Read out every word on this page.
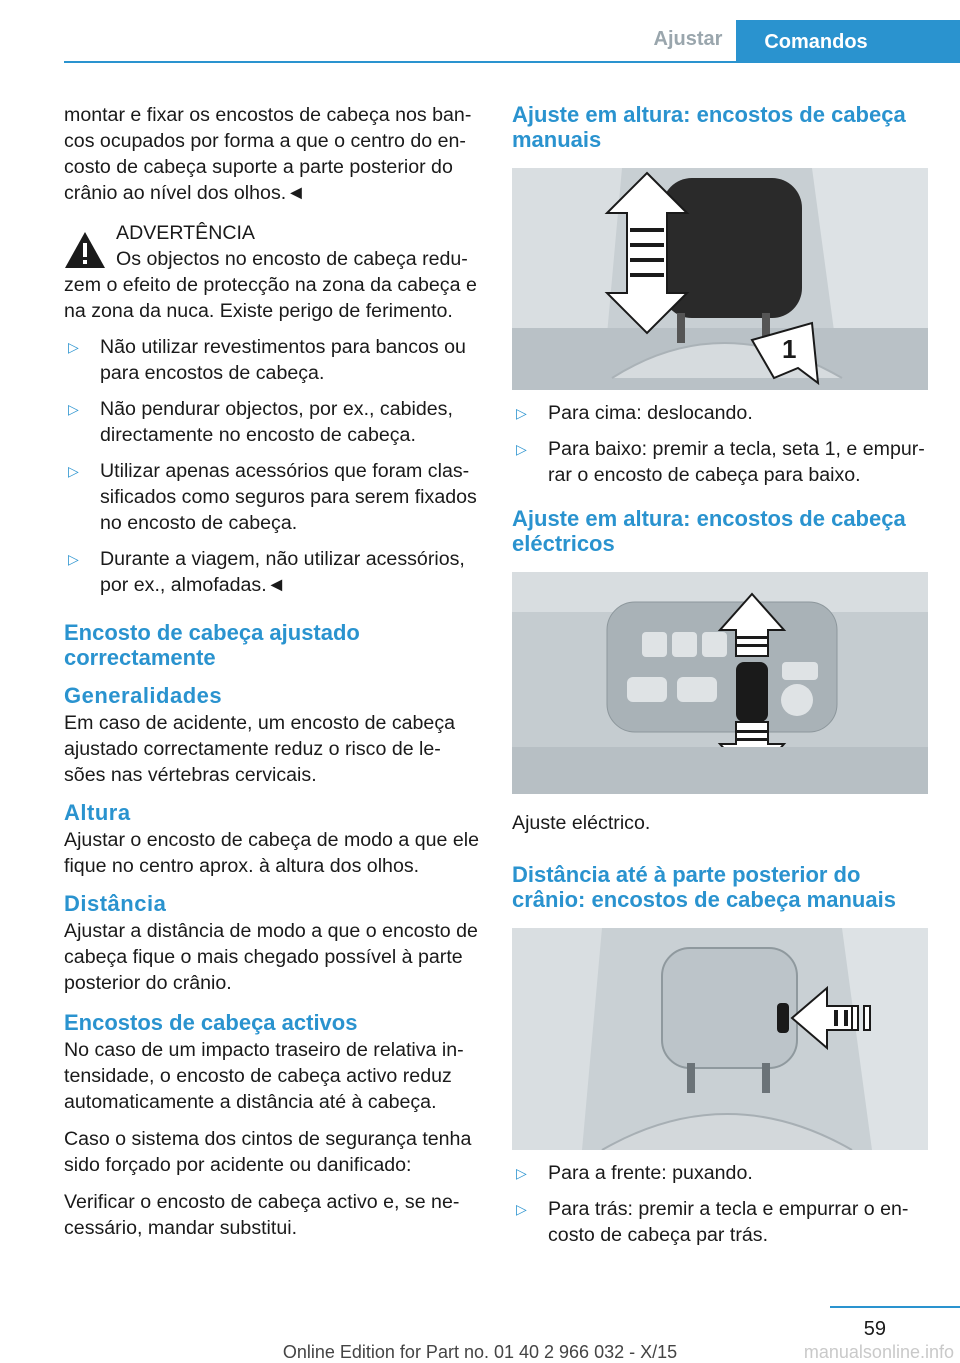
Ajustar	Comandos

montar e fixar os encostos de cabeça nos ban-cos ocupados por forma a que o centro do en-costo de cabeça suporte a parte posterior do crânio ao nível dos olhos.◄

ADVERTÊNCIA

Os objectos no encosto de cabeça redu-zem o efeito de protecção na zona da cabeça e na zona da nuca. Existe perigo de ferimento.

▷ Não utilizar revestimentos para bancos ou para encostos de cabeça.
▷ Não pendurar objectos, por ex., cabides, directamente no encosto de cabeça.
▷ Utilizar apenas acessórios que foram clas-sificados como seguros para serem fixados no encosto de cabeça.
▷ Durante a viagem, não utilizar acessórios, por ex., almofadas.◄
Encosto de cabeça ajustado correctamente
Generalidades

Em caso de acidente, um encosto de cabeça ajustado correctamente reduz o risco de le-sões nas vértebras cervicais.

Altura

Ajustar o encosto de cabeça de modo a que ele fique no centro aprox. à altura dos olhos.

Distância

Ajustar a distância de modo a que o encosto de cabeça fique o mais chegado possível à parte posterior do crânio.

Encostos de cabeça activos

No caso de um impacto traseiro de relativa in-tensidade, o encosto de cabeça activo reduz automaticamente a distância até à cabeça.

Caso o sistema dos cintos de segurança tenha sido forçado por acidente ou danificado:

Verificar o encosto de cabeça activo e, se ne-cessário, mandar substitui.

Ajuste em altura: encostos de cabeça manuais
1
▷ Para cima: deslocando.
▷ Para baixo: premir a tecla, seta 1, e empur-rar o encosto de cabeça para baixo.
Ajuste em altura: encostos de cabeça eléctricos

Ajuste eléctrico.

Distância até à parte posterior do crânio: encostos de cabeça manuais
▷ Para a frente: puxando.
▷ Para trás: premir a tecla e empurrar o en-costo de cabeça par trás.
59
Online Edition for Part no. 01 40 2 966 032 - X/15	manualsonline.info
